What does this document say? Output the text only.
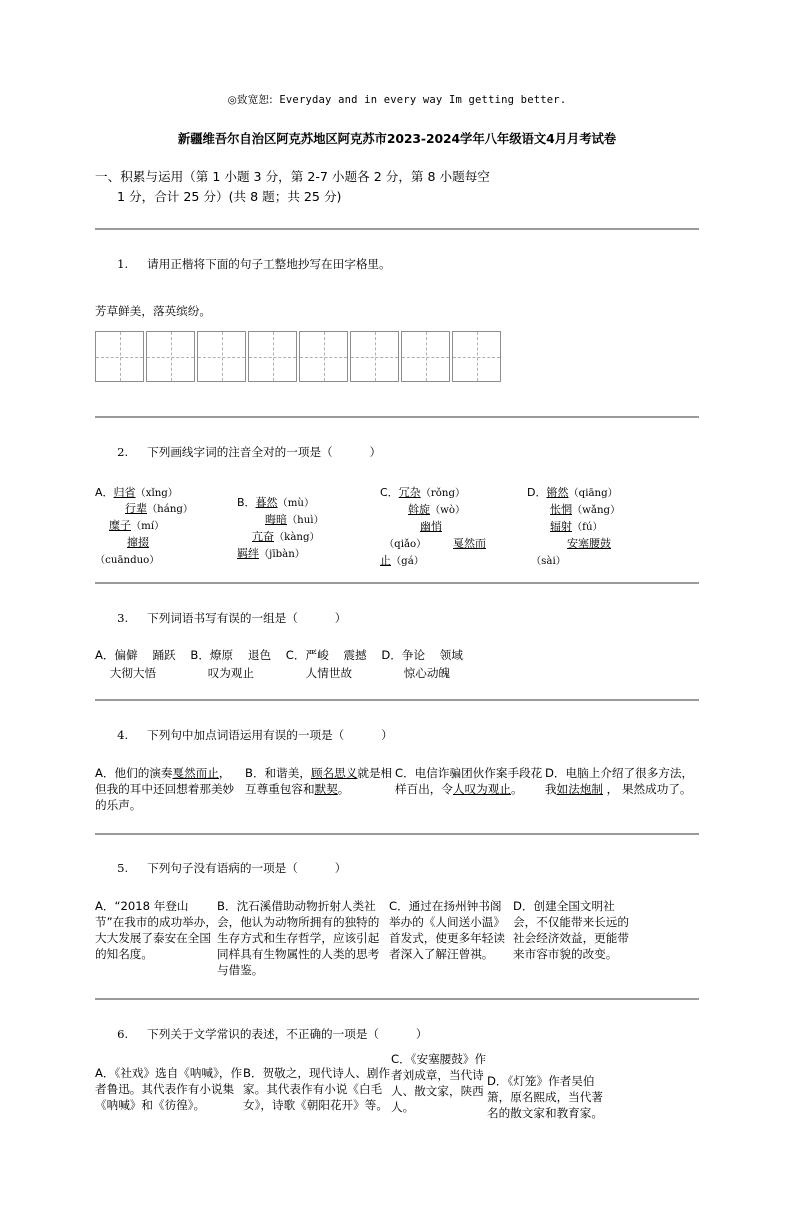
◎致宽恕: Everyday and in every way Im getting better.
新疆维吾尔自治区阿克苏地区阿克苏市2023-2024学年八年级语文4月月考试卷
一、积累与运用（第 1 小题 3 分，第 2-7 小题各 2 分，第 8 小题每空
1 分，合计 25 分）(共 8 题；共 25 分)

1. 请用正楷将下面的句子工整地抄写在田字格里。

芳草鲜美，落英缤纷。

2. 下列画线字词的注音全对的一项是（          ）

A．归省（xǐng）
行辈（háng）
糜子（mí）
撺掇
（cuānduo）
B．暮然（mù）
晦暗（huì）
亢奋（kàng）
羁绊（jībàn）
C．冗杂（rǒng）
斡旋（wò）
幽悄
（qiǎo） 戛然而
止（gá）
D．锵然（qiāng）
怅惘（wǎng）
辐射（fú）
安塞腰鼓
（sài）

3. 下列词语书写有误的一组是（          ）

A．偏僻    踊跃    B．燎原    退色    C．严峻    震撼    D．争论    领域
大彻大悟              叹为观止              人情世故              惊心动魄

4. 下列句中加点词语运用有误的一项是（          ）

A．他们的演奏戛然而止， 但我的耳中还回想着那美妙的乐声。
B．和谐美，顾名思义就是相互尊重包容和默契。
C．电信诈骗团伙作案手段花样百出，令人叹为观止。
D．电脑上介绍了很多方法，我如法炮制 ， 果然成功了。

5. 下列句子没有语病的一项是（          ）

A．“2018 年登山节”在我市的成功举办，大大发展了泰安在全国的知名度。
B．沈石溪借助动物折射人类社会，他认为动物所拥有的独特的生存方式和生存哲学，应该引起同样具有生物属性的人类的思考与借鉴。
C．通过在扬州钟书阁举办的《人间送小温》首发式，使更多年轻读者深入了解汪曾祺。
D．创建全国文明社会，不仅能带来长远的社会经济效益，更能带来市容市貌的改变。

6. 下列关于文学常识的表述，不正确的一项是（          ）

A．《社戏》选自《呐喊》，作者鲁迅。其代表作有小说集《呐喊》和《彷徨》。
B．贺敬之，现代诗人、剧作家。其代表作有小说《白毛女》，诗歌《朝阳花开》等。
C．《安塞腰鼓》作者刘成章，当代诗人、散文家，陕西人。
D．《灯笼》作者吴伯箫，原名熙成，当代著名的散文家和教育家。
